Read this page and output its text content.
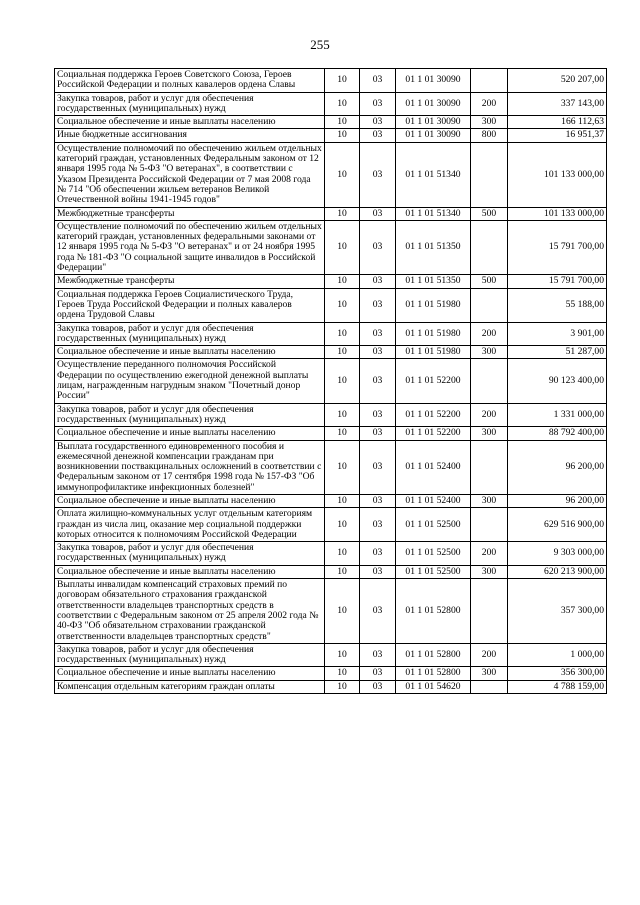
255
Социальная поддержка Героев Советского Союза, Героев Российской Федерации и полных кавалеров ордена Славы	10	03	01 1 01 30090		520 207,00
Закупка товаров, работ и услуг для обеспечения государственных (муниципальных) нужд	10	03	01 1 01 30090	200	337 143,00
Социальное обеспечение и иные выплаты населению	10	03	01 1 01 30090	300	166 112,63
Иные бюджетные ассигнования	10	03	01 1 01 30090	800	16 951,37
Осуществление полномочий по обеспечению жильем отдельных категорий граждан, установленных Федеральным законом от 12 января 1995 года № 5-ФЗ "О ветеранах", в соответствии с Указом Президента Российской Федерации от 7 мая 2008 года № 714 "Об обеспечении жильем ветеранов Великой Отечественной войны 1941-1945 годов"	10	03	01 1 01 51340		101 133 000,00
Межбюджетные трансферты	10	03	01 1 01 51340	500	101 133 000,00
Осуществление полномочий по обеспечению жильем отдельных категорий граждан, установленных федеральными законами от 12 января 1995 года № 5-ФЗ "О ветеранах" и от 24 ноября 1995 года № 181-ФЗ "О социальной защите инвалидов в Российской Федерации"	10	03	01 1 01 51350		15 791 700,00
Межбюджетные трансферты	10	03	01 1 01 51350	500	15 791 700,00
Социальная поддержка Героев Социалистического Труда, Героев Труда Российской Федерации и полных кавалеров ордена Трудовой Славы	10	03	01 1 01 51980		55 188,00
Закупка товаров, работ и услуг для обеспечения государственных (муниципальных) нужд	10	03	01 1 01 51980	200	3 901,00
Социальное обеспечение и иные выплаты населению	10	03	01 1 01 51980	300	51 287,00
Осуществление переданного полномочия Российской Федерации по осуществлению ежегодной денежной выплаты лицам, награжденным нагрудным знаком "Почетный донор России"	10	03	01 1 01 52200		90 123 400,00
Закупка товаров, работ и услуг для обеспечения государственных (муниципальных) нужд	10	03	01 1 01 52200	200	1 331 000,00
Социальное обеспечение и иные выплаты населению	10	03	01 1 01 52200	300	88 792 400,00
Выплата государственного единовременного пособия и ежемесячной денежной компенсации гражданам при возникновении поствакцинальных осложнений в соответствии с Федеральным законом от 17 сентября 1998 года № 157-ФЗ "Об иммунопрофилактике инфекционных болезней"	10	03	01 1 01 52400		96 200,00
Социальное обеспечение и иные выплаты населению	10	03	01 1 01 52400	300	96 200,00
Оплата жилищно-коммунальных услуг отдельным категориям граждан из числа лиц, оказание мер социальной поддержки которых относится к полномочиям Российской Федерации	10	03	01 1 01 52500		629 516 900,00
Закупка товаров, работ и услуг для обеспечения государственных (муниципальных) нужд	10	03	01 1 01 52500	200	9 303 000,00
Социальное обеспечение и иные выплаты населению	10	03	01 1 01 52500	300	620 213 900,00
Выплаты инвалидам компенсаций страховых премий по договорам обязательного страхования гражданской ответственности владельцев транспортных средств в соответствии с Федеральным законом от 25 апреля 2002 года № 40-ФЗ "Об обязательном страховании гражданской ответственности владельцев транспортных средств"	10	03	01 1 01 52800		357 300,00
Закупка товаров, работ и услуг для обеспечения государственных (муниципальных) нужд	10	03	01 1 01 52800	200	1 000,00
Социальное обеспечение и иные выплаты населению	10	03	01 1 01 52800	300	356 300,00
Компенсация отдельным категориям граждан оплаты	10	03	01 1 01 54620		4 788 159,00
